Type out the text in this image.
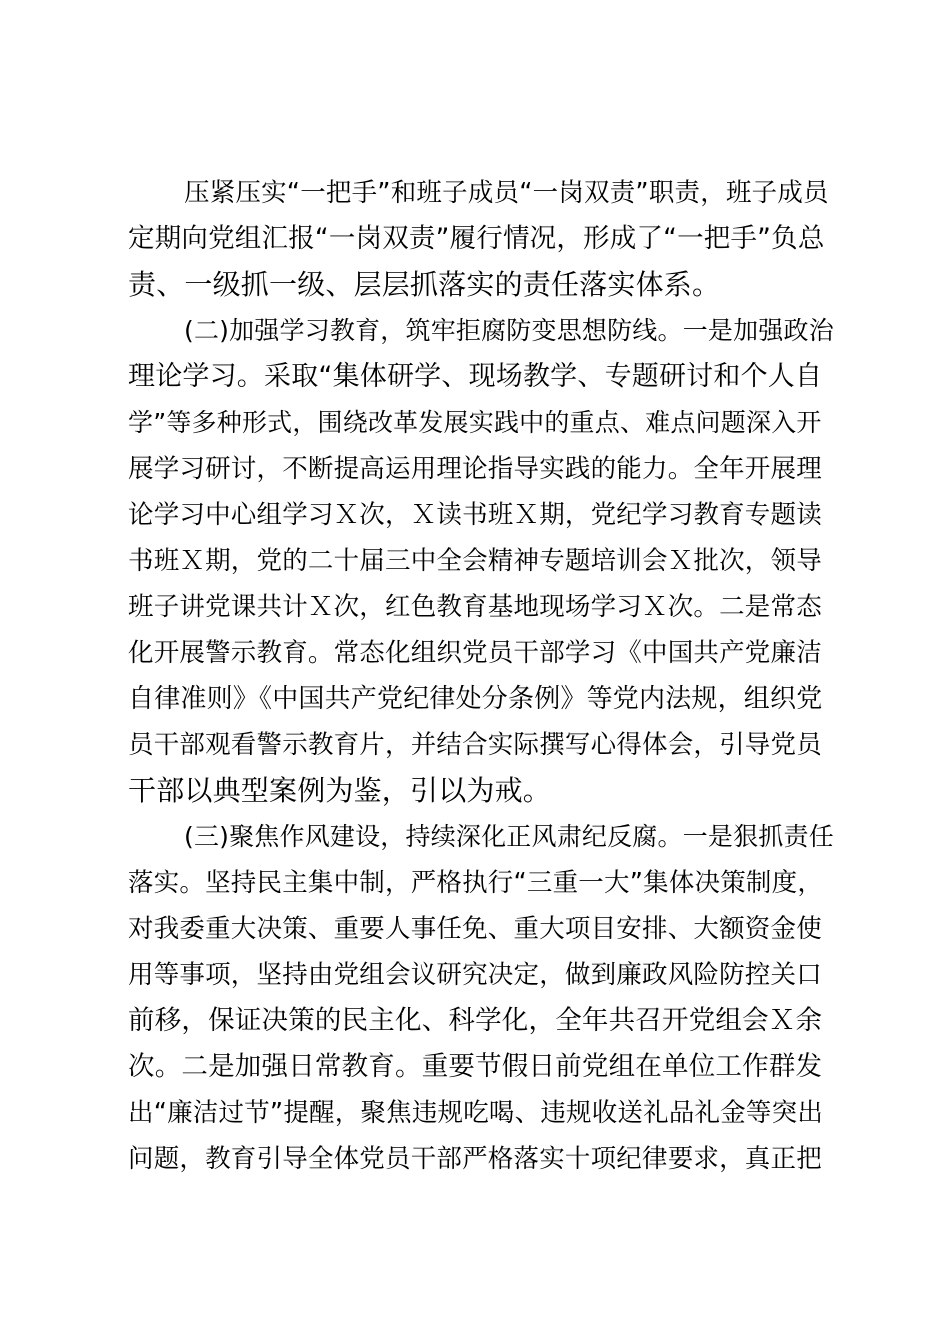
压紧压实“一把手”和班子成员“一岗双责”职责，班子成员
定期向党组汇报“一岗双责”履行情况，形成了“一把手”负总
责、一级抓一级、层层抓落实的责任落实体系。
(二)加强学习教育，筑牢拒腐防变思想防线。一是加强政治
理论学习。采取“集体研学、现场教学、专题研讨和个人自
学”等多种形式，围绕改革发展实践中的重点、难点问题深入开
展学习研讨，不断提高运用理论指导实践的能力。全年开展理
论学习中心组学习Ｘ次，Ｘ读书班Ｘ期，党纪学习教育专题读
书班Ｘ期，党的二十届三中全会精神专题培训会Ｘ批次，领导
班子讲党课共计Ｘ次，红色教育基地现场学习Ｘ次。二是常态
化开展警示教育。常态化组织党员干部学习《中国共产党廉洁
自律准则》《中国共产党纪律处分条例》等党内法规，组织党
员干部观看警示教育片，并结合实际撰写心得体会，引导党员
干部以典型案例为鉴，引以为戒。
(三)聚焦作风建设，持续深化正风肃纪反腐。一是狠抓责任
落实。坚持民主集中制，严格执行“三重一大”集体决策制度，
对我委重大决策、重要人事任免、重大项目安排、大额资金使
用等事项，坚持由党组会议研究决定，做到廉政风险防控关口
前移，保证决策的民主化、科学化，全年共召开党组会Ｘ余
次。二是加强日常教育。重要节假日前党组在单位工作群发
出“廉洁过节”提醒，聚焦违规吃喝、违规收送礼品礼金等突出
问题，教育引导全体党员干部严格落实十项纪律要求，真正把
